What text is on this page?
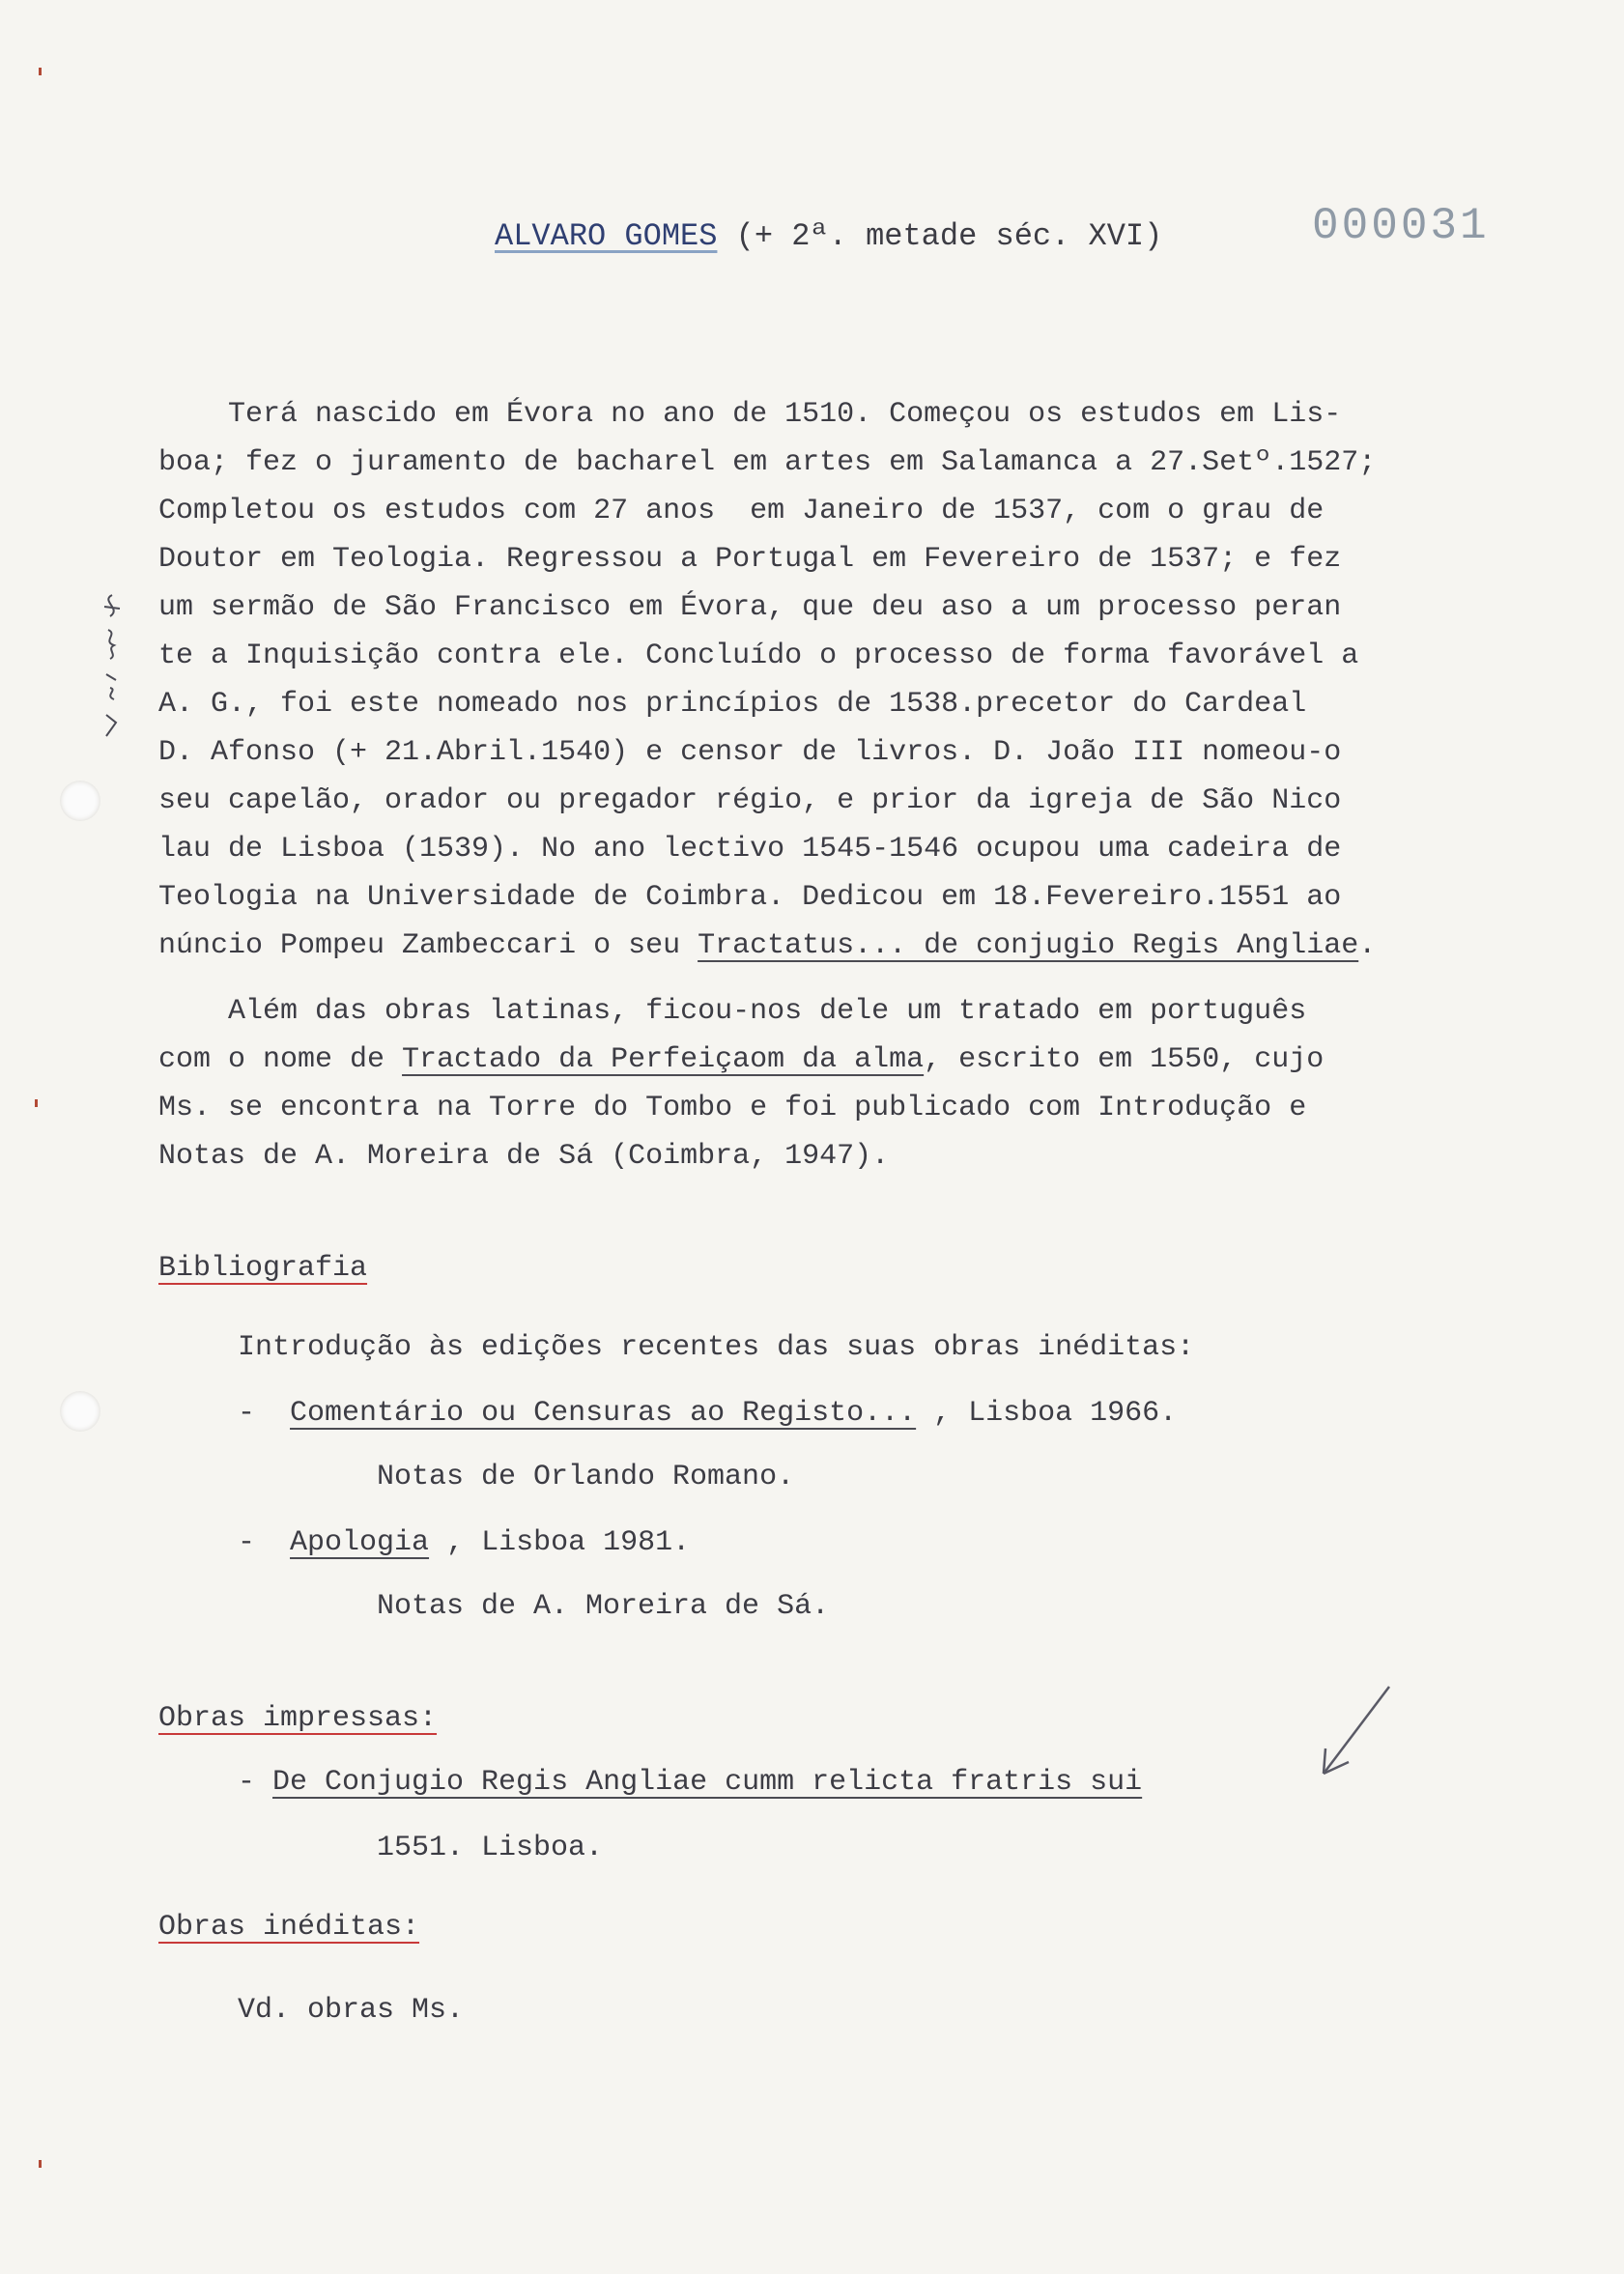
ALVARO GOMES (+ 2ª. metade séc. XVI)	000031
Terá nascido em Évora no ano de 1510. Começou os estudos em Lis-
boa; fez o juramento de bacharel em artes em Salamanca a 27.Setº.1527;
Completou os estudos com 27 anos  em Janeiro de 1537, com o grau de
Doutor em Teologia. Regressou a Portugal em Fevereiro de 1537; e fez
um sermão de São Francisco em Évora, que deu aso a um processo peran
te a Inquisição contra ele. Concluído o processo de forma favorável a
A. G., foi este nomeado nos princípios de 1538.precetor do Cardeal
D. Afonso (+ 21.Abril.1540) e censor de livros. D. João III nomeou-o
seu capelão, orador ou pregador régio, e prior da igreja de São Nico
lau de Lisboa (1539). No ano lectivo 1545-1546 ocupou uma cadeira de
Teologia na Universidade de Coimbra. Dedicou em 18.Fevereiro.1551 ao
núncio Pompeu Zambeccari o seu Tractatus... de conjugio Regis Angliae.
Além das obras latinas, ficou-nos dele um tratado em português
com o nome de Tractado da Perfeiçaom da alma, escrito em 1550, cujo
Ms. se encontra na Torre do Tombo e foi publicado com Introdução e
Notas de A. Moreira de Sá (Coimbra, 1947).
Bibliografia
Introdução às edições recentes das suas obras inéditas:
-  Comentário ou Censuras ao Registo... , Lisboa 1966.
Notas de Orlando Romano.
-  Apologia , Lisboa 1981.
Notas de A. Moreira de Sá.
Obras impressas:
- De Conjugio Regis Angliae cumm relicta fratris sui
1551. Lisboa.
Obras inéditas:
Vd. obras Ms.
